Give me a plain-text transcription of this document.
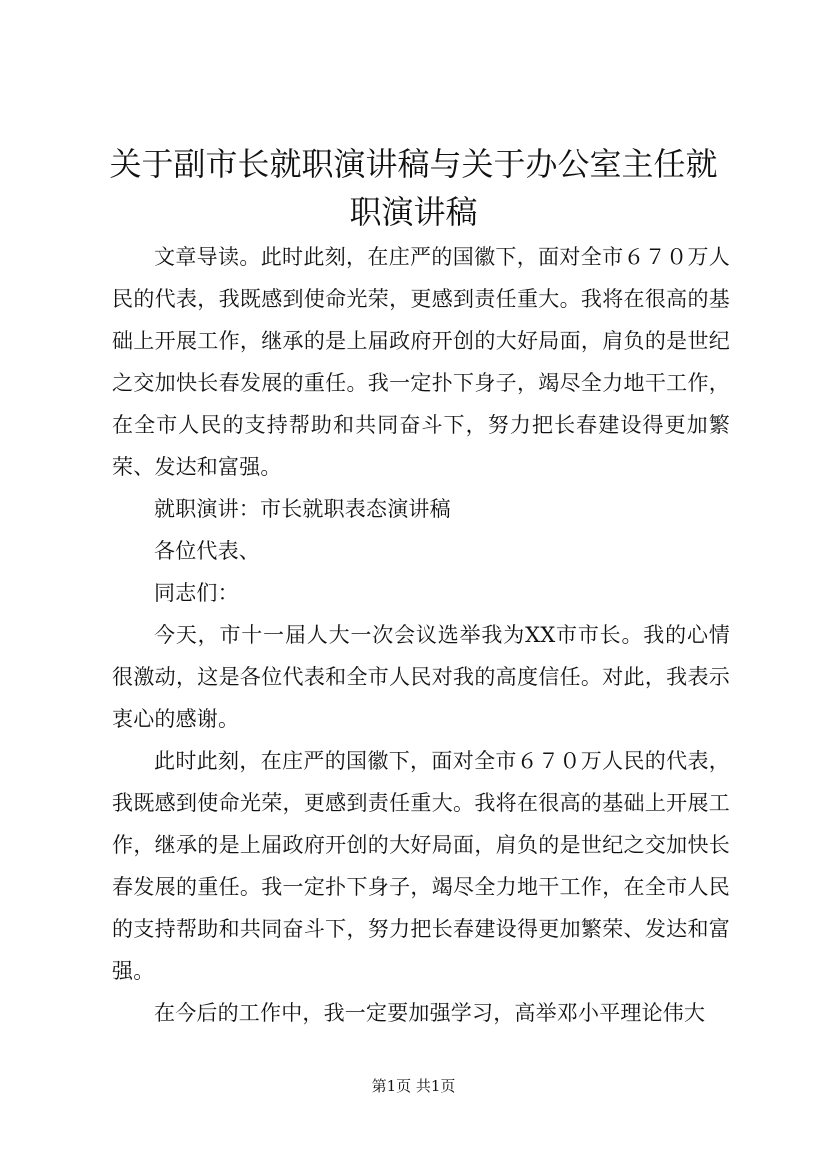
关于副市长就职演讲稿与关于办公室主任就职演讲稿

文章导读。此时此刻，在庄严的国徽下，面对全市６７０万人民的代表，我既感到使命光荣，更感到责任重大。我将在很高的基础上开展工作，继承的是上届政府开创的大好局面，肩负的是世纪之交加快长春发展的重任。我一定扑下身子，竭尽全力地干工作，在全市人民的支持帮助和共同奋斗下，努力把长春建设得更加繁荣、发达和富强。

就职演讲：市长就职表态演讲稿

各位代表、

同志们：

今天，市十一届人大一次会议选举我为XX市市长。我的心情很激动，这是各位代表和全市人民对我的高度信任。对此，我表示衷心的感谢。

此时此刻，在庄严的国徽下，面对全市６７０万人民的代表，我既感到使命光荣，更感到责任重大。我将在很高的基础上开展工作，继承的是上届政府开创的大好局面，肩负的是世纪之交加快长春发展的重任。我一定扑下身子，竭尽全力地干工作，在全市人民的支持帮助和共同奋斗下，努力把长春建设得更加繁荣、发达和富强。

在今后的工作中，我一定要加强学习，高举邓小平理论伟大

第1页 共1页
